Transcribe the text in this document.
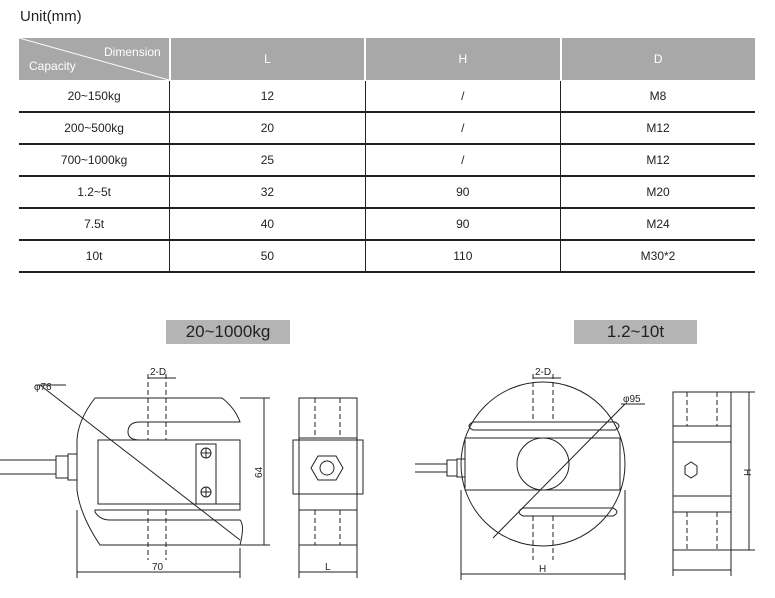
Unit(mm)
Dimension
Capacity	L	H	D
20~150kg	12	/	M8
200~500kg	20	/	M12
700~1000kg	25	/	M12
1.2~5t	32	90	M20
7.5t	40	90	M24
10t	50	110	M30*2
20~1000kg	1.2~10t
φ76
2-D
64
70	L
φ95
2-D
H
H
